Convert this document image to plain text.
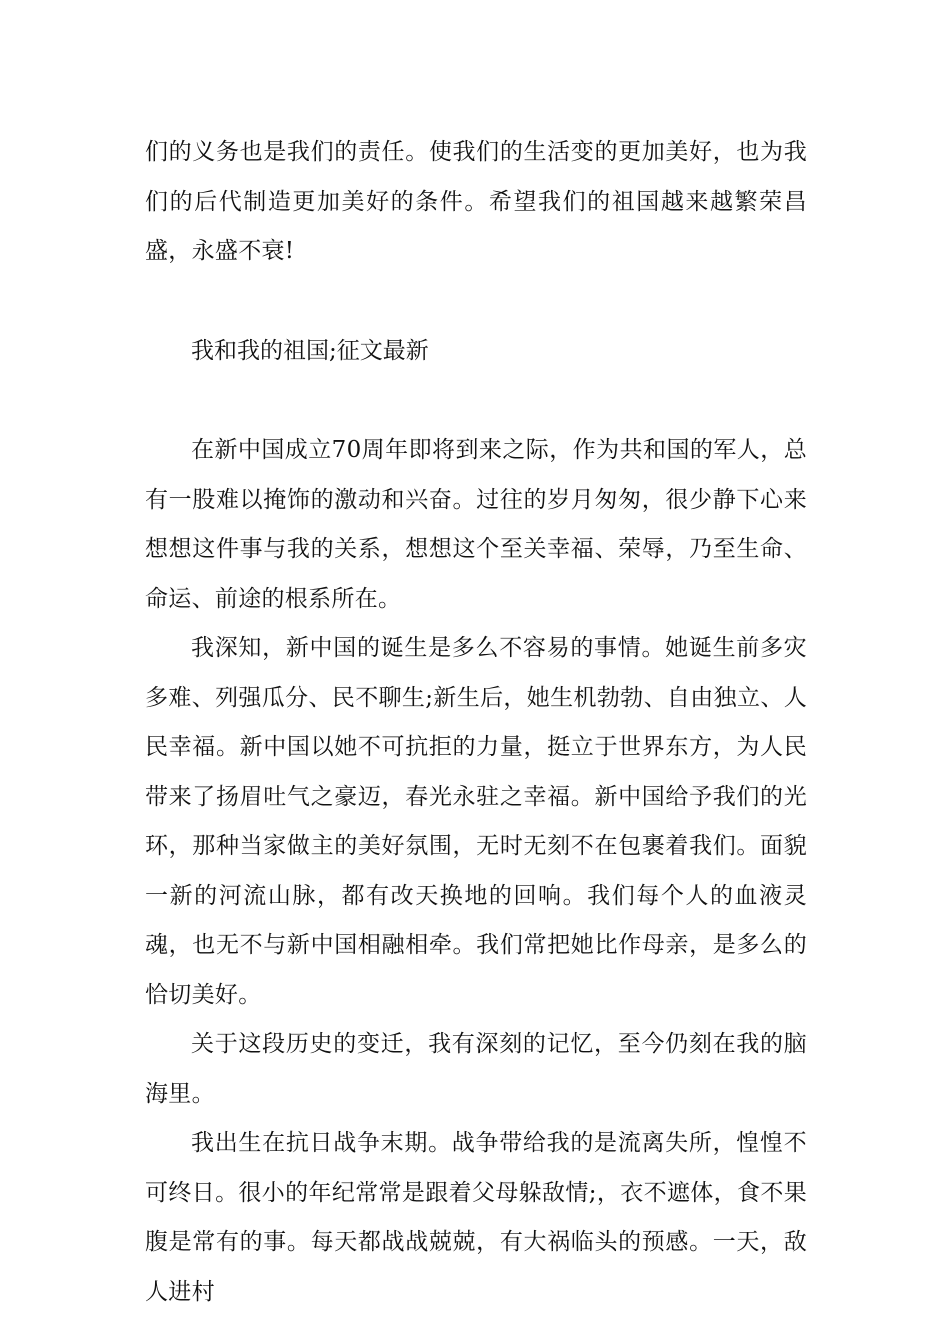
们的义务也是我们的责任。使我们的生活变的更加美好，也为我们的后代制造更加美好的条件。希望我们的祖国越来越繁荣昌盛，永盛不衰!

我和我的祖国;征文最新

在新中国成立70周年即将到来之际，作为共和国的军人，总有一股难以掩饰的激动和兴奋。过往的岁月匆匆，很少静下心来想想这件事与我的关系，想想这个至关幸福、荣辱，乃至生命、命运、前途的根系所在。

我深知，新中国的诞生是多么不容易的事情。她诞生前多灾多难、列强瓜分、民不聊生;新生后，她生机勃勃、自由独立、人民幸福。新中国以她不可抗拒的力量，挺立于世界东方，为人民带来了扬眉吐气之豪迈，春光永驻之幸福。新中国给予我们的光环，那种当家做主的美好氛围，无时无刻不在包裹着我们。面貌一新的河流山脉，都有改天换地的回响。我们每个人的血液灵魂，也无不与新中国相融相牵。我们常把她比作母亲，是多么的恰切美好。

关于这段历史的变迁，我有深刻的记忆，至今仍刻在我的脑海里。

我出生在抗日战争末期。战争带给我的是流离失所，惶惶不可终日。很小的年纪常常是跟着父母躲敌情;，衣不遮体，食不果腹是常有的事。每天都战战兢兢，有大祸临头的预感。一天，敌人进村
